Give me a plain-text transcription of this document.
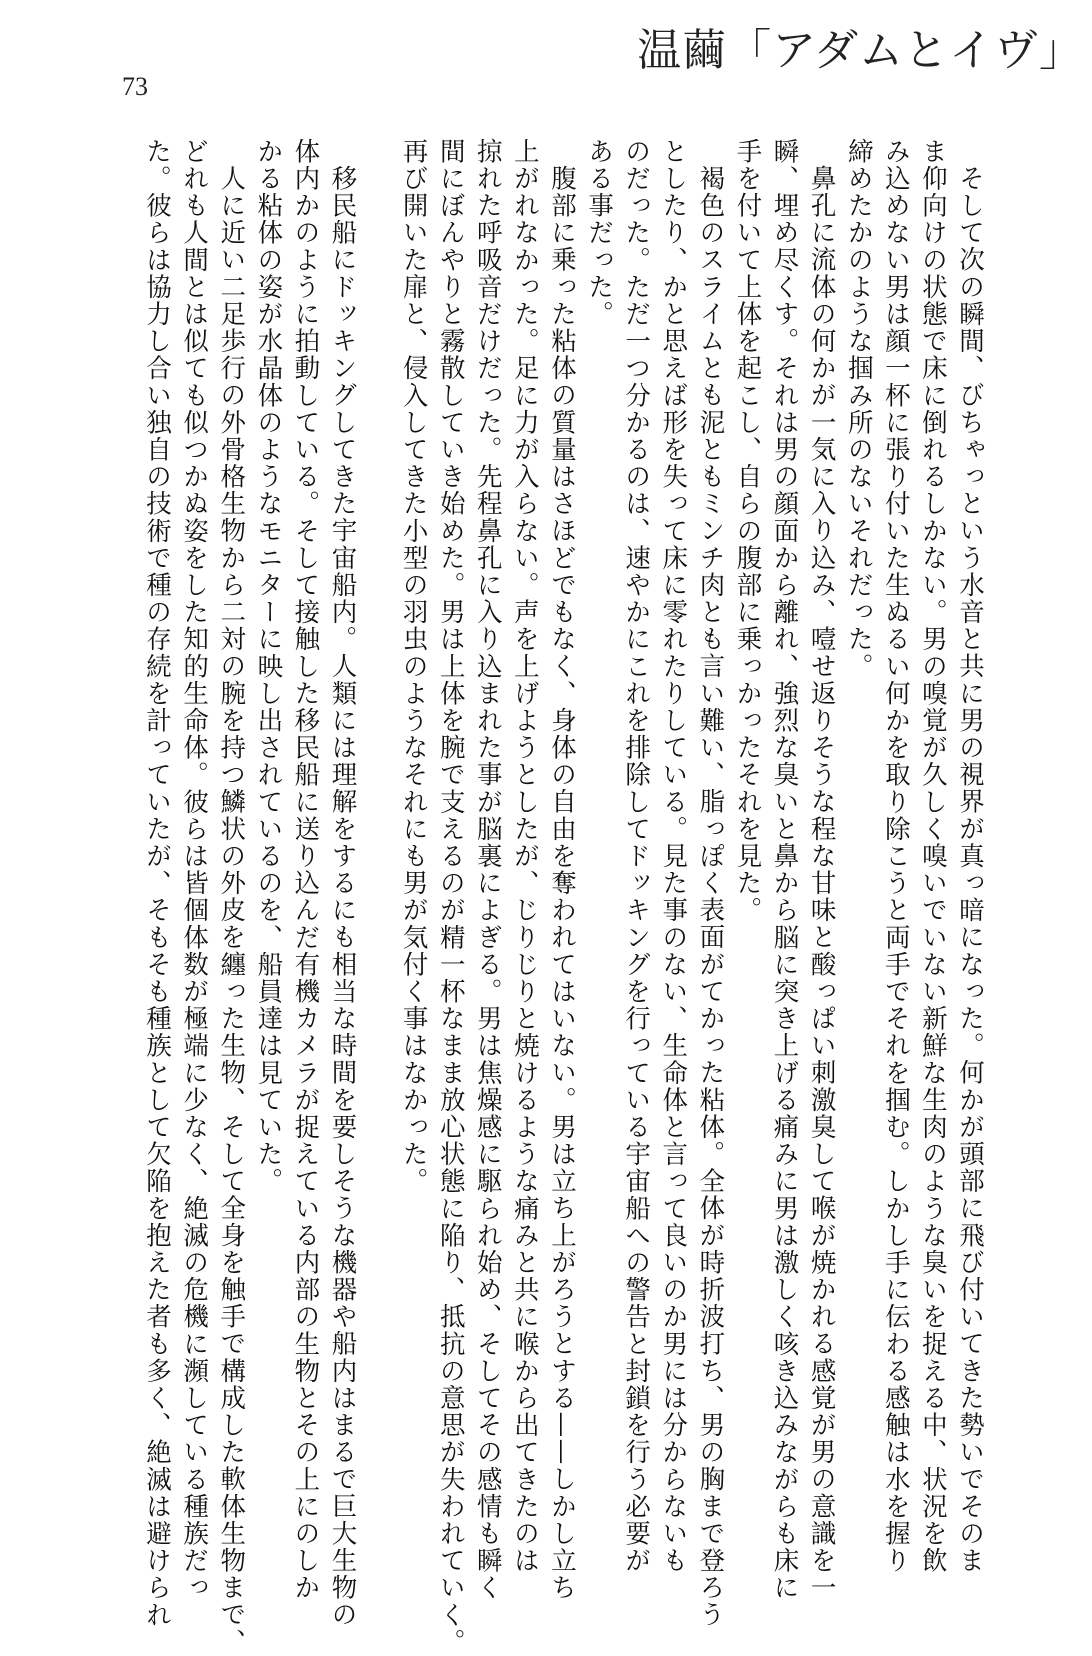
温繭「アダムとイヴ」
73
そして次の瞬間、びちゃっという水音と共に男の視界が真っ暗になった。何かが頭部に飛び付いてきた勢いでそのま
ま仰向けの状態で床に倒れるしかない。男の嗅覚が久しく嗅いでいない新鮮な生肉のような臭いを捉える中、状況を飲
み込めない男は顔一杯に張り付いた生ぬるい何かを取り除こうと両手でそれを掴む。しかし手に伝わる感触は水を握り
締めたかのような掴み所のないそれだった。
鼻孔に流体の何かが一気に入り込み、噎せ返りそうな程な甘味と酸っぱい刺激臭して喉が焼かれる感覚が男の意識を一
瞬、埋め尽くす。それは男の顔面から離れ、強烈な臭いと鼻から脳に突き上げる痛みに男は激しく咳き込みながらも床に
手を付いて上体を起こし、自らの腹部に乗っかったそれを見た。
褐色のスライムとも泥ともミンチ肉とも言い難い、脂っぽく表面がてかった粘体。全体が時折波打ち、男の胸まで登ろう
としたり、かと思えば形を失って床に零れたりしている。見た事のない、生命体と言って良いのか男には分からないも
のだった。ただ一つ分かるのは、速やかにこれを排除してドッキングを行っている宇宙船への警告と封鎖を行う必要が
ある事だった。
腹部に乗った粘体の質量はさほどでもなく、身体の自由を奪われてはいない。男は立ち上がろうとする——しかし立ち
上がれなかった。足に力が入らない。声を上げようとしたが、じりじりと焼けるような痛みと共に喉から出てきたのは
掠れた呼吸音だけだった。先程鼻孔に入り込まれた事が脳裏によぎる。男は焦燥感に駆られ始め、そしてその感情も瞬く
間にぼんやりと霧散していき始めた。男は上体を腕で支えるのが精一杯なまま放心状態に陥り、抵抗の意思が失われていく。
再び開いた扉と、侵入してきた小型の羽虫のようなそれにも男が気付く事はなかった。
移民船にドッキングしてきた宇宙船内。人類には理解をするにも相当な時間を要しそうな機器や船内はまるで巨大生物の
体内かのように拍動している。そして接触した移民船に送り込んだ有機カメラが捉えている内部の生物とその上にのしか
かる粘体の姿が水晶体のようなモニターに映し出されているのを、船員達は見ていた。
人に近い二足歩行の外骨格生物から二対の腕を持つ鱗状の外皮を纏った生物、そして全身を触手で構成した軟体生物まで、
どれも人間とは似ても似つかぬ姿をした知的生命体。彼らは皆個体数が極端に少なく、絶滅の危機に瀕している種族だっ
た。彼らは協力し合い独自の技術で種の存続を計っていたが、そもそも種族として欠陥を抱えた者も多く、絶滅は避けられ
